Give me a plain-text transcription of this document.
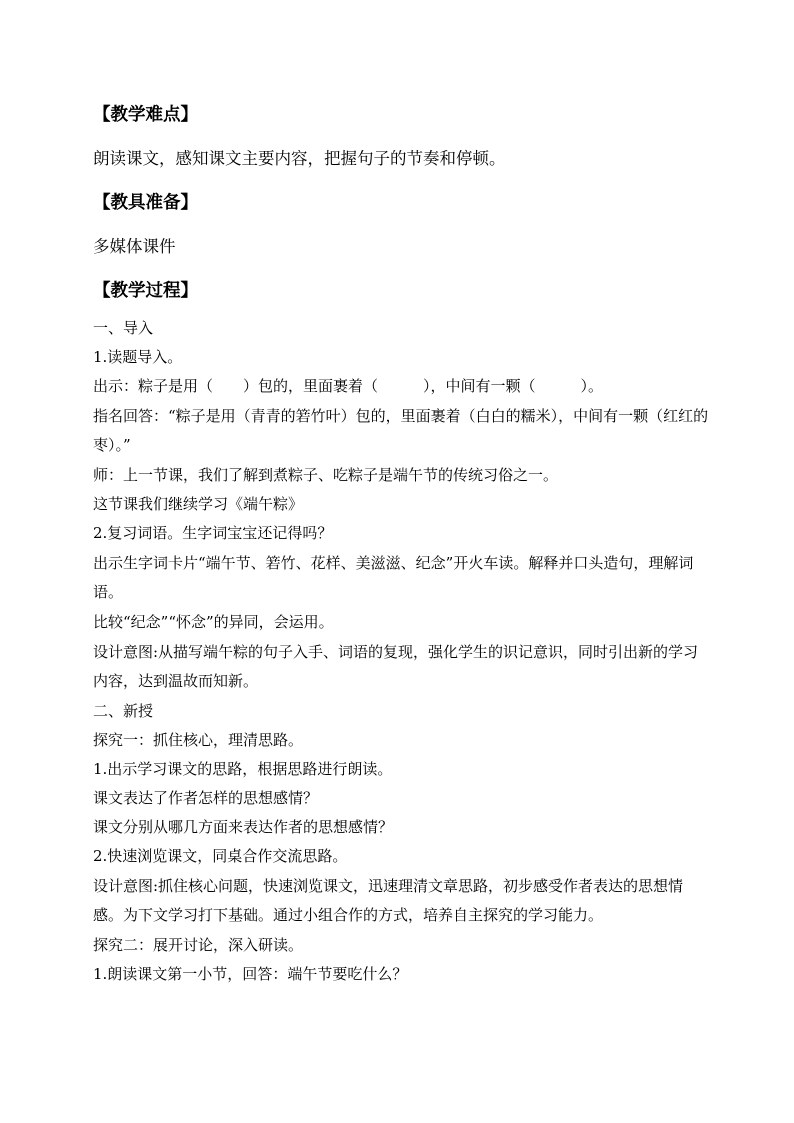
【教学难点】
朗读课文，感知课文主要内容，把握句子的节奏和停顿。
【教具准备】
多媒体课件
【教学过程】
一、导入
1.读题导入。
出示：粽子是用（　　）包的，里面裹着（　　　），中间有一颗（　　　）。
指名回答：“粽子是用（青青的箬竹叶）包的，里面裹着（白白的糯米），中间有一颗（红红的枣）。”
师：上一节课，我们了解到煮粽子、吃粽子是端午节的传统习俗之一。
这节课我们继续学习《端午粽》
2.复习词语。生字词宝宝还记得吗？
出示生字词卡片“端午节、箬竹、花样、美滋滋、纪念”开火车读。解释并口头造句，理解词语。
比较“纪念”“怀念”的异同，会运用。
设计意图:从描写端午粽的句子入手、词语的复现，强化学生的识记意识，同时引出新的学习内容，达到温故而知新。
二、新授
探究一：抓住核心，理清思路。
1.出示学习课文的思路，根据思路进行朗读。
课文表达了作者怎样的思想感情？
课文分别从哪几方面来表达作者的思想感情？
2.快速浏览课文，同桌合作交流思路。
设计意图:抓住核心问题，快速浏览课文，迅速理清文章思路，初步感受作者表达的思想情感。为下文学习打下基础。通过小组合作的方式，培养自主探究的学习能力。
探究二：展开讨论，深入研读。
1.朗读课文第一小节，回答：端午节要吃什么？
